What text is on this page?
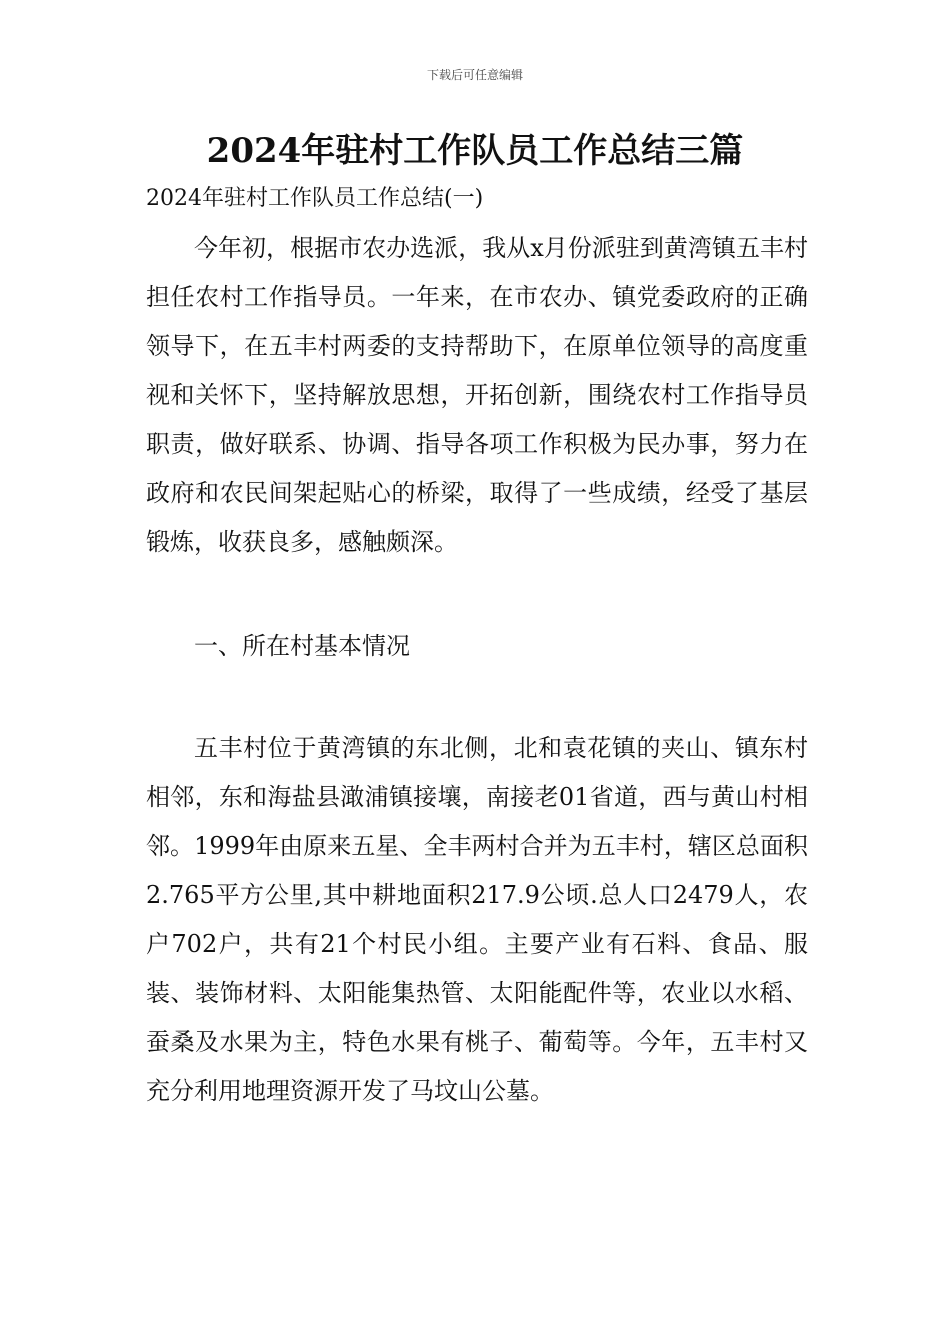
下载后可任意编辑
2024年驻村工作队员工作总结三篇
2024年驻村工作队员工作总结(一)

今年初，根据市农办选派，我从x月份派驻到黄湾镇五丰村担任农村工作指导员。一年来，在市农办、镇党委政府的正确领导下，在五丰村两委的支持帮助下，在原单位领导的高度重视和关怀下，坚持解放思想，开拓创新，围绕农村工作指导员职责，做好联系、协调、指导各项工作积极为民办事，努力在政府和农民间架起贴心的桥梁，取得了一些成绩，经受了基层锻炼，收获良多，感触颇深。

一、所在村基本情况

五丰村位于黄湾镇的东北侧，北和袁花镇的夹山、镇东村相邻，东和海盐县澉浦镇接壤，南接老01省道，西与黄山村相邻。1999年由原来五星、全丰两村合并为五丰村，辖区总面积2.765平方公里,其中耕地面积217.9公顷.总人口2479人，农户702户，共有21个村民小组。主要产业有石料、食品、服装、装饰材料、太阳能集热管、太阳能配件等，农业以水稻、蚕桑及水果为主，特色水果有桃子、葡萄等。今年，五丰村又充分利用地理资源开发了马坟山公墓。
